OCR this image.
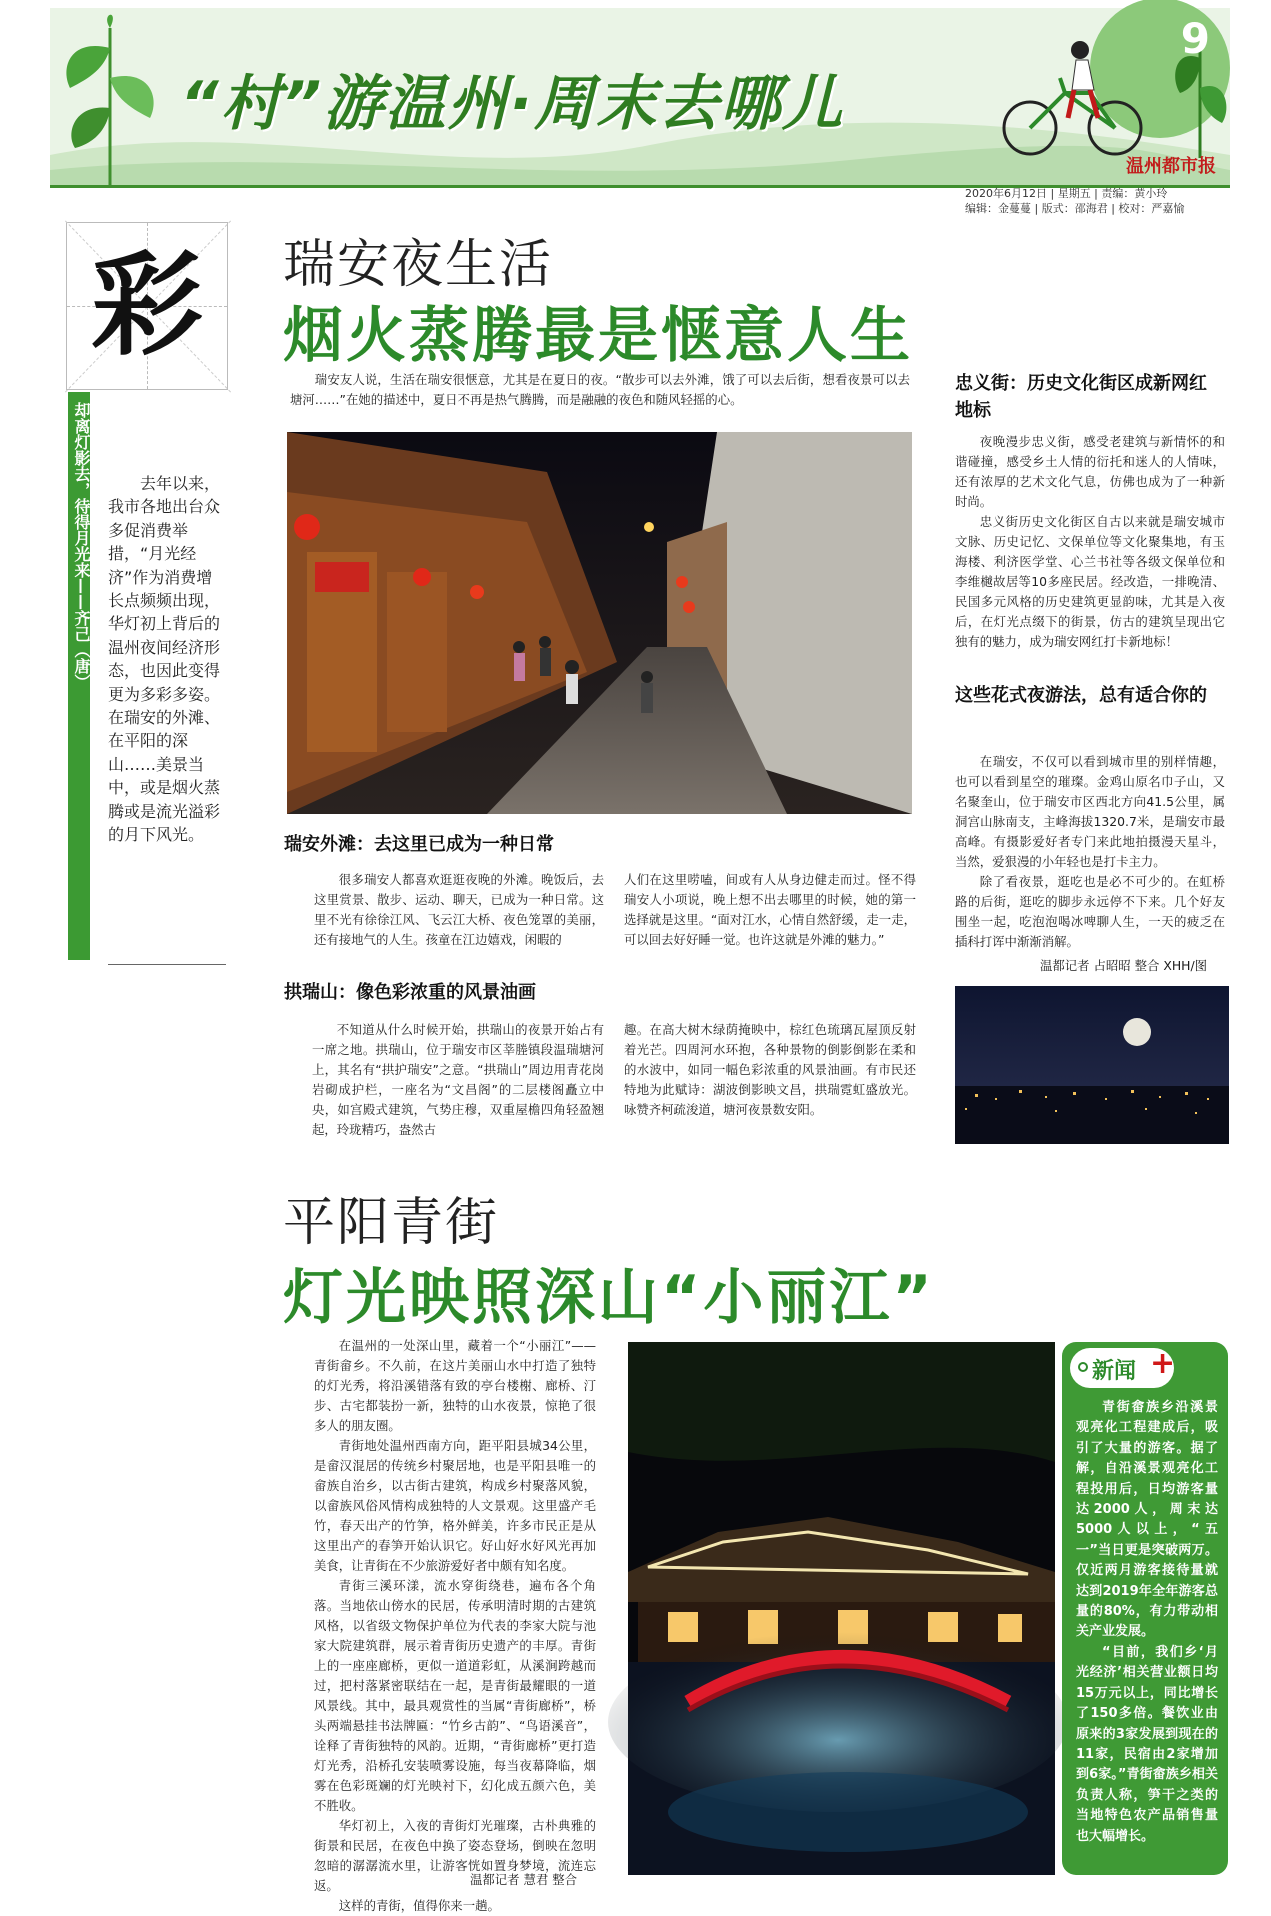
“村”游温州·周末去哪儿
9
温州都市报
2020年6月12日 | 星期五 | 责编：黄小玲
编辑：金蔓蔓 | 版式：邵海君 | 校对：严嘉愉
彩
却离灯影去，待得月光来——齐己（唐）	去年以来，我市各地出台众多促消费举措，“月光经济”作为消费增长点频频出现，华灯初上背后的温州夜间经济形态，也因此变得更为多彩多姿。在瑞安的外滩、在平阳的深山……美景当中，或是烟火蒸腾或是流光溢彩的月下风光。
瑞安夜生活
烟火蒸腾最是惬意人生
瑞安友人说，生活在瑞安很惬意，尤其是在夏日的夜。“散步可以去外滩，饿了可以去后街，想看夜景可以去塘河……”在她的描述中，夏日不再是热气腾腾，而是融融的夜色和随风轻摇的心。
瑞安外滩：去这里已成为一种日常
很多瑞安人都喜欢逛逛夜晚的外滩。晚饭后，去这里赏景、散步、运动、聊天，已成为一种日常。这里不光有徐徐江风、飞云江大桥、夜色笼罩的美丽，还有接地气的人生。孩童在江边嬉戏，闲暇的
人们在这里唠嗑，间或有人从身边健走而过。怪不得瑞安人小项说，晚上想不出去哪里的时候，她的第一选择就是这里。“面对江水，心情自然舒缓，走一走，可以回去好好睡一觉。也许这就是外滩的魅力。”
拱瑞山：像色彩浓重的风景油画
不知道从什么时候开始，拱瑞山的夜景开始占有一席之地。拱瑞山，位于瑞安市区莘塍镇段温瑞塘河上，其名有“拱护瑞安”之意。“拱瑞山”周边用青花岗岩砌成护栏，一座名为“文昌阁”的二层楼阁矗立中央，如宫殿式建筑，气势庄穆，双重屋檐四角轻盈翘起，玲珑精巧，盎然古
趣。在高大树木绿荫掩映中，棕红色琉璃瓦屋顶反射着光芒。四周河水环抱，各种景物的倒影倒影在柔和的水波中，如同一幅色彩浓重的风景油画。有市民还特地为此赋诗：湖波倒影映文昌，拱瑞霓虹盛放光。咏赞齐柯疏浚道，塘河夜景数安阳。
忠义街：历史文化街区成新网红地标

夜晚漫步忠义街，感受老建筑与新情怀的和谐碰撞，感受乡土人情的衍托和迷人的人情味，还有浓厚的艺术文化气息，仿佛也成为了一种新时尚。

忠义街历史文化街区自古以来就是瑞安城市文脉、历史记忆、文保单位等文化聚集地，有玉海楼、利济医学堂、心兰书社等各级文保单位和李维樾故居等10多座民居。经改造，一排晚清、民国多元风格的历史建筑更显韵味，尤其是入夜后，在灯光点缀下的街景，仿古的建筑呈现出它独有的魅力，成为瑞安网红打卡新地标！

这些花式夜游法，总有适合你的

在瑞安，不仅可以看到城市里的别样情趣，也可以看到星空的璀璨。金鸡山原名巾子山，又名聚奎山，位于瑞安市区西北方向41.5公里，属洞宫山脉南支，主峰海拔1320.7米，是瑞安市最高峰。有摄影爱好者专门来此地拍摄漫天星斗，当然，爱狠漫的小年轻也是打卡主力。

除了看夜景，逛吃也是必不可少的。在虹桥路的后街，逛吃的脚步永远停不下来。几个好友围坐一起，吃泡泡喝冰啤聊人生，一天的疲乏在插科打诨中渐渐消解。

温都记者 占昭昭 整合 XHH/图
平阳青街
灯光映照深山“小丽江”

在温州的一处深山里，藏着一个“小丽江”——青街畲乡。不久前，在这片美丽山水中打造了独特的灯光秀，将沿溪错落有致的亭台楼榭、廊桥、汀步、古宅都装扮一新，独特的山水夜景，惊艳了很多人的朋友圈。

青街地处温州西南方向，距平阳县城34公里，是畲汉混居的传统乡村聚居地，也是平阳县唯一的畲族自治乡，以古街古建筑，构成乡村聚落风貌，以畲族风俗风情构成独特的人文景观。这里盛产毛竹，春天出产的竹笋，格外鲜美，许多市民正是从这里出产的春笋开始认识它。好山好水好风光再加美食，让青街在不少旅游爱好者中颇有知名度。

青街三溪环漾，流水穿街绕巷，遍布各个角落。当地依山傍水的民居，传承明清时期的古建筑风格，以省级文物保护单位为代表的李家大院与池家大院建筑群，展示着青街历史遗产的丰厚。青街上的一座座廊桥，更似一道道彩虹，从溪涧跨越而过，把村落紧密联结在一起，是青街最耀眼的一道风景线。其中，最具观赏性的当属“青街廊桥”，桥头两端悬挂书法牌匾：“竹乡古韵”、“鸟语溪音”，诠释了青街独特的风韵。近期，“青街廊桥”更打造灯光秀，沿桥孔安装喷雾设施，每当夜幕降临，烟雾在色彩斑斓的灯光映衬下，幻化成五颜六色，美不胜收。

华灯初上，入夜的青街灯光璀璨，古朴典雅的街景和民居，在夜色中换了姿态登场，倒映在忽明忽暗的潺潺流水里，让游客恍如置身梦境，流连忘返。

这样的青街，值得你来一趟。

温都记者 慧君 整合
新闻 +

青街畲族乡沿溪景观亮化工程建成后，吸引了大量的游客。据了解，自沿溪景观亮化工程投用后，日均游客量达2000人，周末达5000人以上，“五一”当日更是突破两万。仅近两月游客接待量就达到2019年全年游客总量的80%，有力带动相关产业发展。

“目前，我们乡‘月光经济’相关营业额日均15万元以上，同比增长了150多倍。餐饮业由原来的3家发展到现在的11家，民宿由2家增加到6家。”青街畲族乡相关负责人称，笋干之类的当地特色农产品销售量也大幅增长。
